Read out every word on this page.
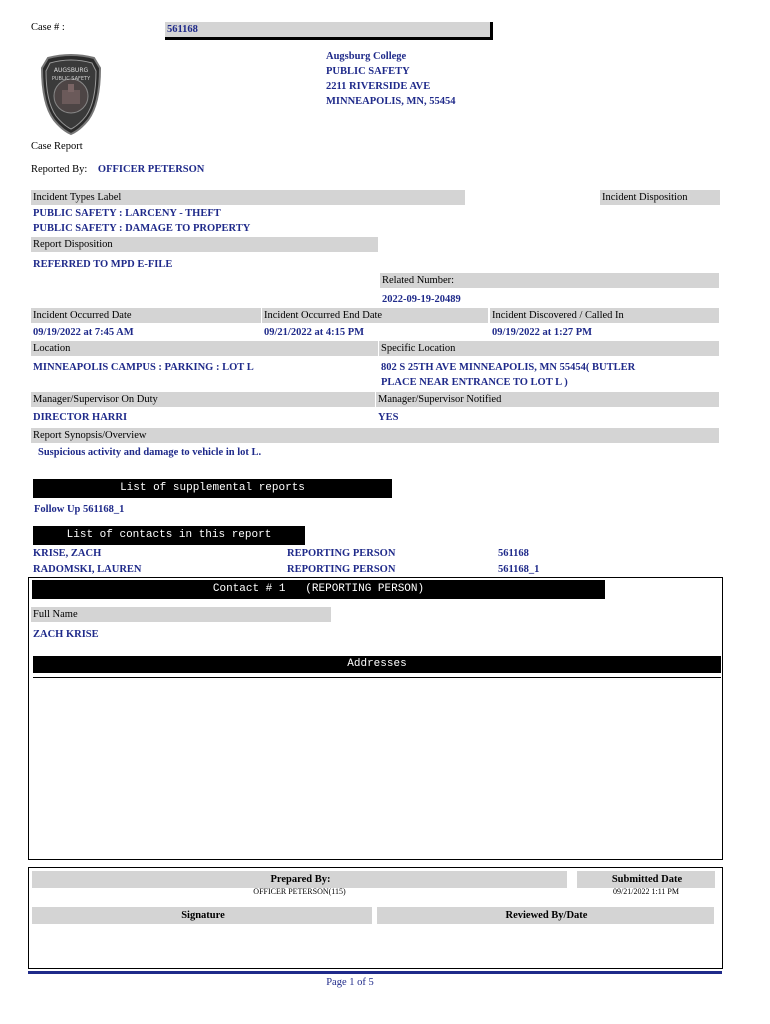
Case # :	561168
Augsburg College
PUBLIC SAFETY
2211 RIVERSIDE AVE
MINNEAPOLIS, MN, 55454
AUGSBURG
PUBLIC SAFETY
Case Report
Reported By: OFFICER PETERSON
Incident Types Label	Incident Disposition
PUBLIC SAFETY : LARCENY - THEFT
PUBLIC SAFETY : DAMAGE TO PROPERTY
Report Disposition
REFERRED TO MPD E-FILE
Related Number:
2022-09-19-20489
Incident Occurred Date	Incident Occurred End Date	Incident Discovered / Called In
09/19/2022 at 7:45 AM	09/21/2022 at 4:15 PM	09/19/2022 at 1:27 PM
Location	Specific Location
MINNEAPOLIS CAMPUS : PARKING : LOT L	802 S 25TH AVE MINNEAPOLIS, MN 55454( BUTLER
PLACE NEAR ENTRANCE TO LOT L )
Manager/Supervisor On Duty	Manager/Supervisor Notified
DIRECTOR HARRI	YES
Report Synopsis/Overview
Suspicious activity and damage to vehicle in lot L.
List of supplemental reports
Follow Up 561168_1
List of contacts in this report
KRISE, ZACH	REPORTING PERSON	561168
RADOMSKI, LAUREN	REPORTING PERSON	561168_1
Contact # 1   (REPORTING PERSON)
Full Name
ZACH KRISE
Addresses
Prepared By:	Submitted Date
OFFICER PETERSON(115)	09/21/2022 1:11 PM
Signature	Reviewed By/Date
Page 1 of 5
